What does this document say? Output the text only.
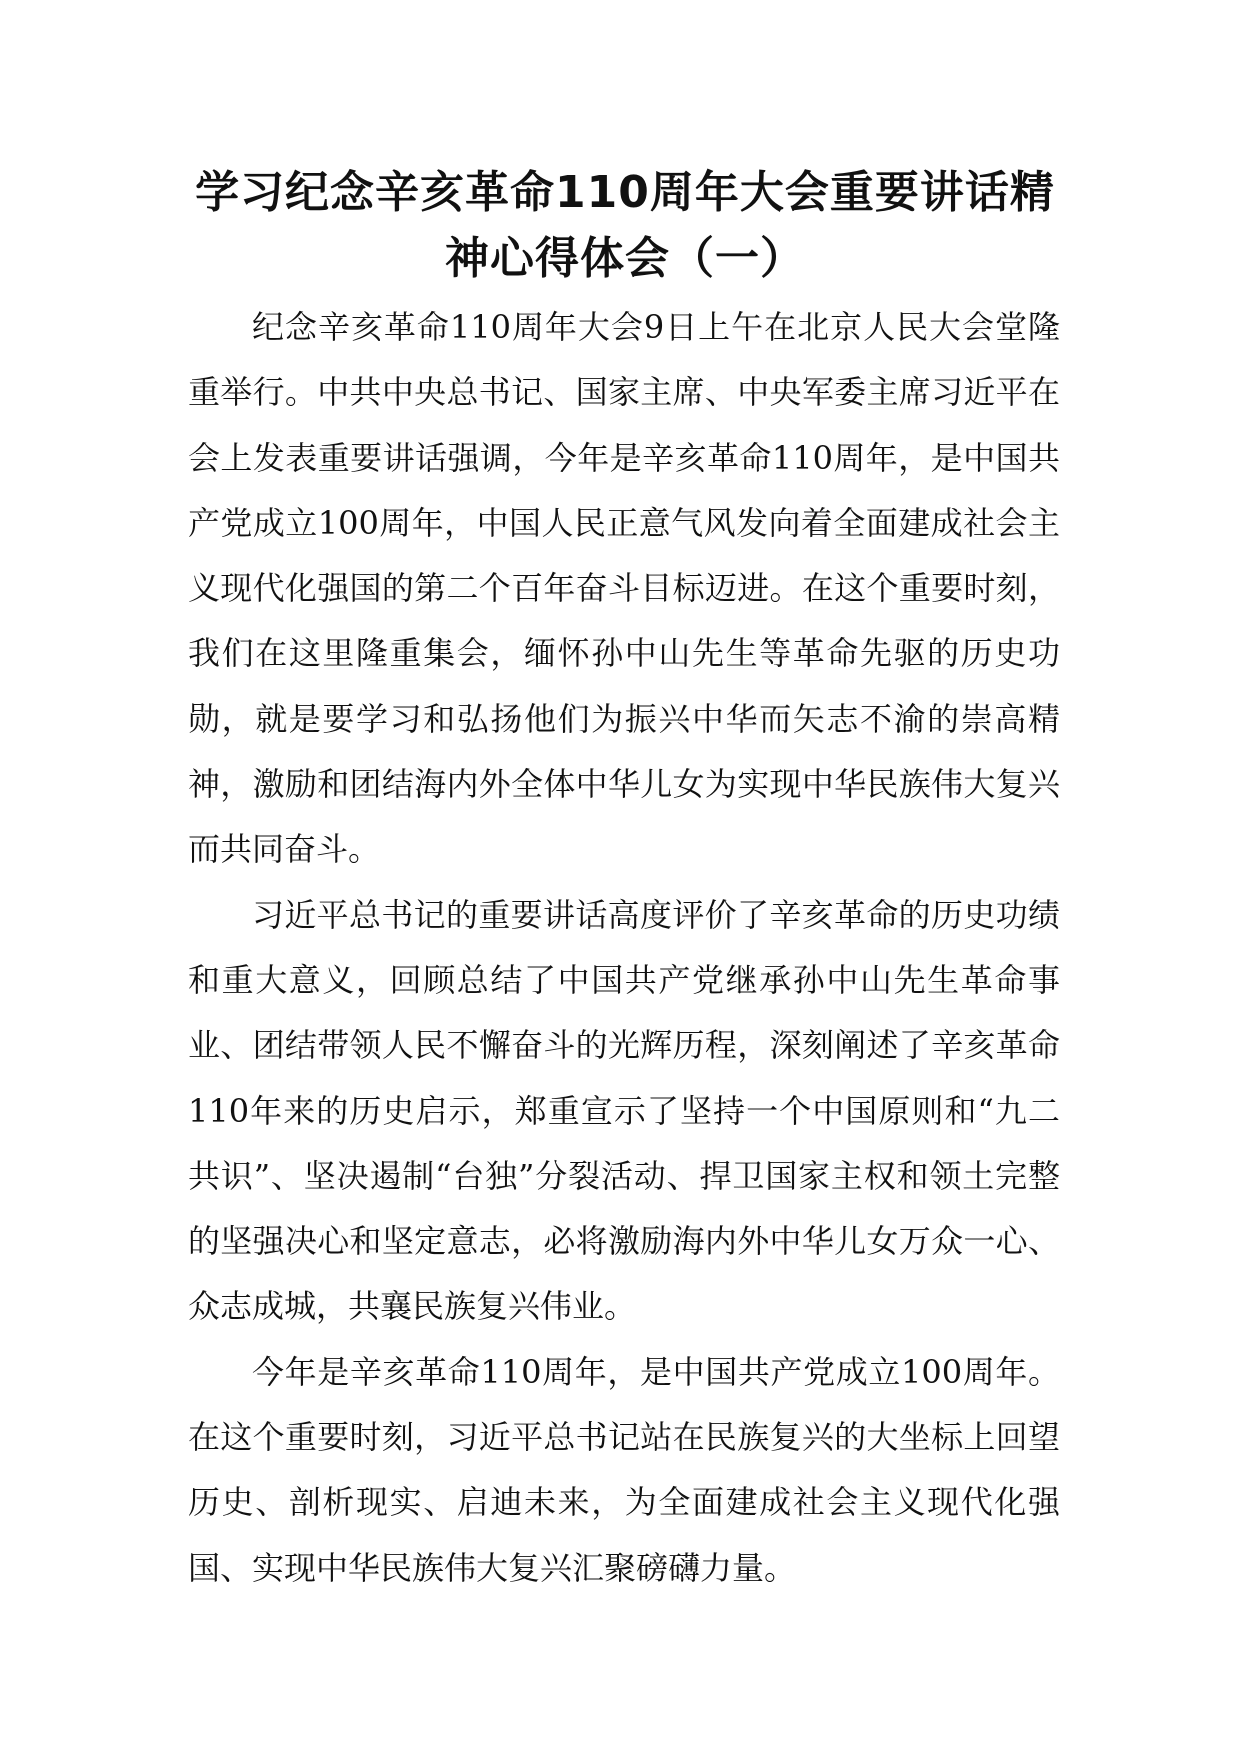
学习纪念辛亥革命110周年大会重要讲话精神心得体会（一）

纪念辛亥革命110周年大会9日上午在北京人民大会堂隆重举行。中共中央总书记、国家主席、中央军委主席习近平在会上发表重要讲话强调，今年是辛亥革命110周年，是中国共产党成立100周年，中国人民正意气风发向着全面建成社会主义现代化强国的第二个百年奋斗目标迈进。在这个重要时刻，我们在这里隆重集会，缅怀孙中山先生等革命先驱的历史功勋，就是要学习和弘扬他们为振兴中华而矢志不渝的崇高精神，激励和团结海内外全体中华儿女为实现中华民族伟大复兴而共同奋斗。

习近平总书记的重要讲话高度评价了辛亥革命的历史功绩和重大意义，回顾总结了中国共产党继承孙中山先生革命事业、团结带领人民不懈奋斗的光辉历程，深刻阐述了辛亥革命110年来的历史启示，郑重宣示了坚持一个中国原则和“九二共识”、坚决遏制“台独”分裂活动、捍卫国家主权和领土完整的坚强决心和坚定意志，必将激励海内外中华儿女万众一心、众志成城，共襄民族复兴伟业。

今年是辛亥革命110周年，是中国共产党成立100周年。在这个重要时刻，习近平总书记站在民族复兴的大坐标上回望历史、剖析现实、启迪未来，为全面建成社会主义现代化强国、实现中华民族伟大复兴汇聚磅礴力量。
